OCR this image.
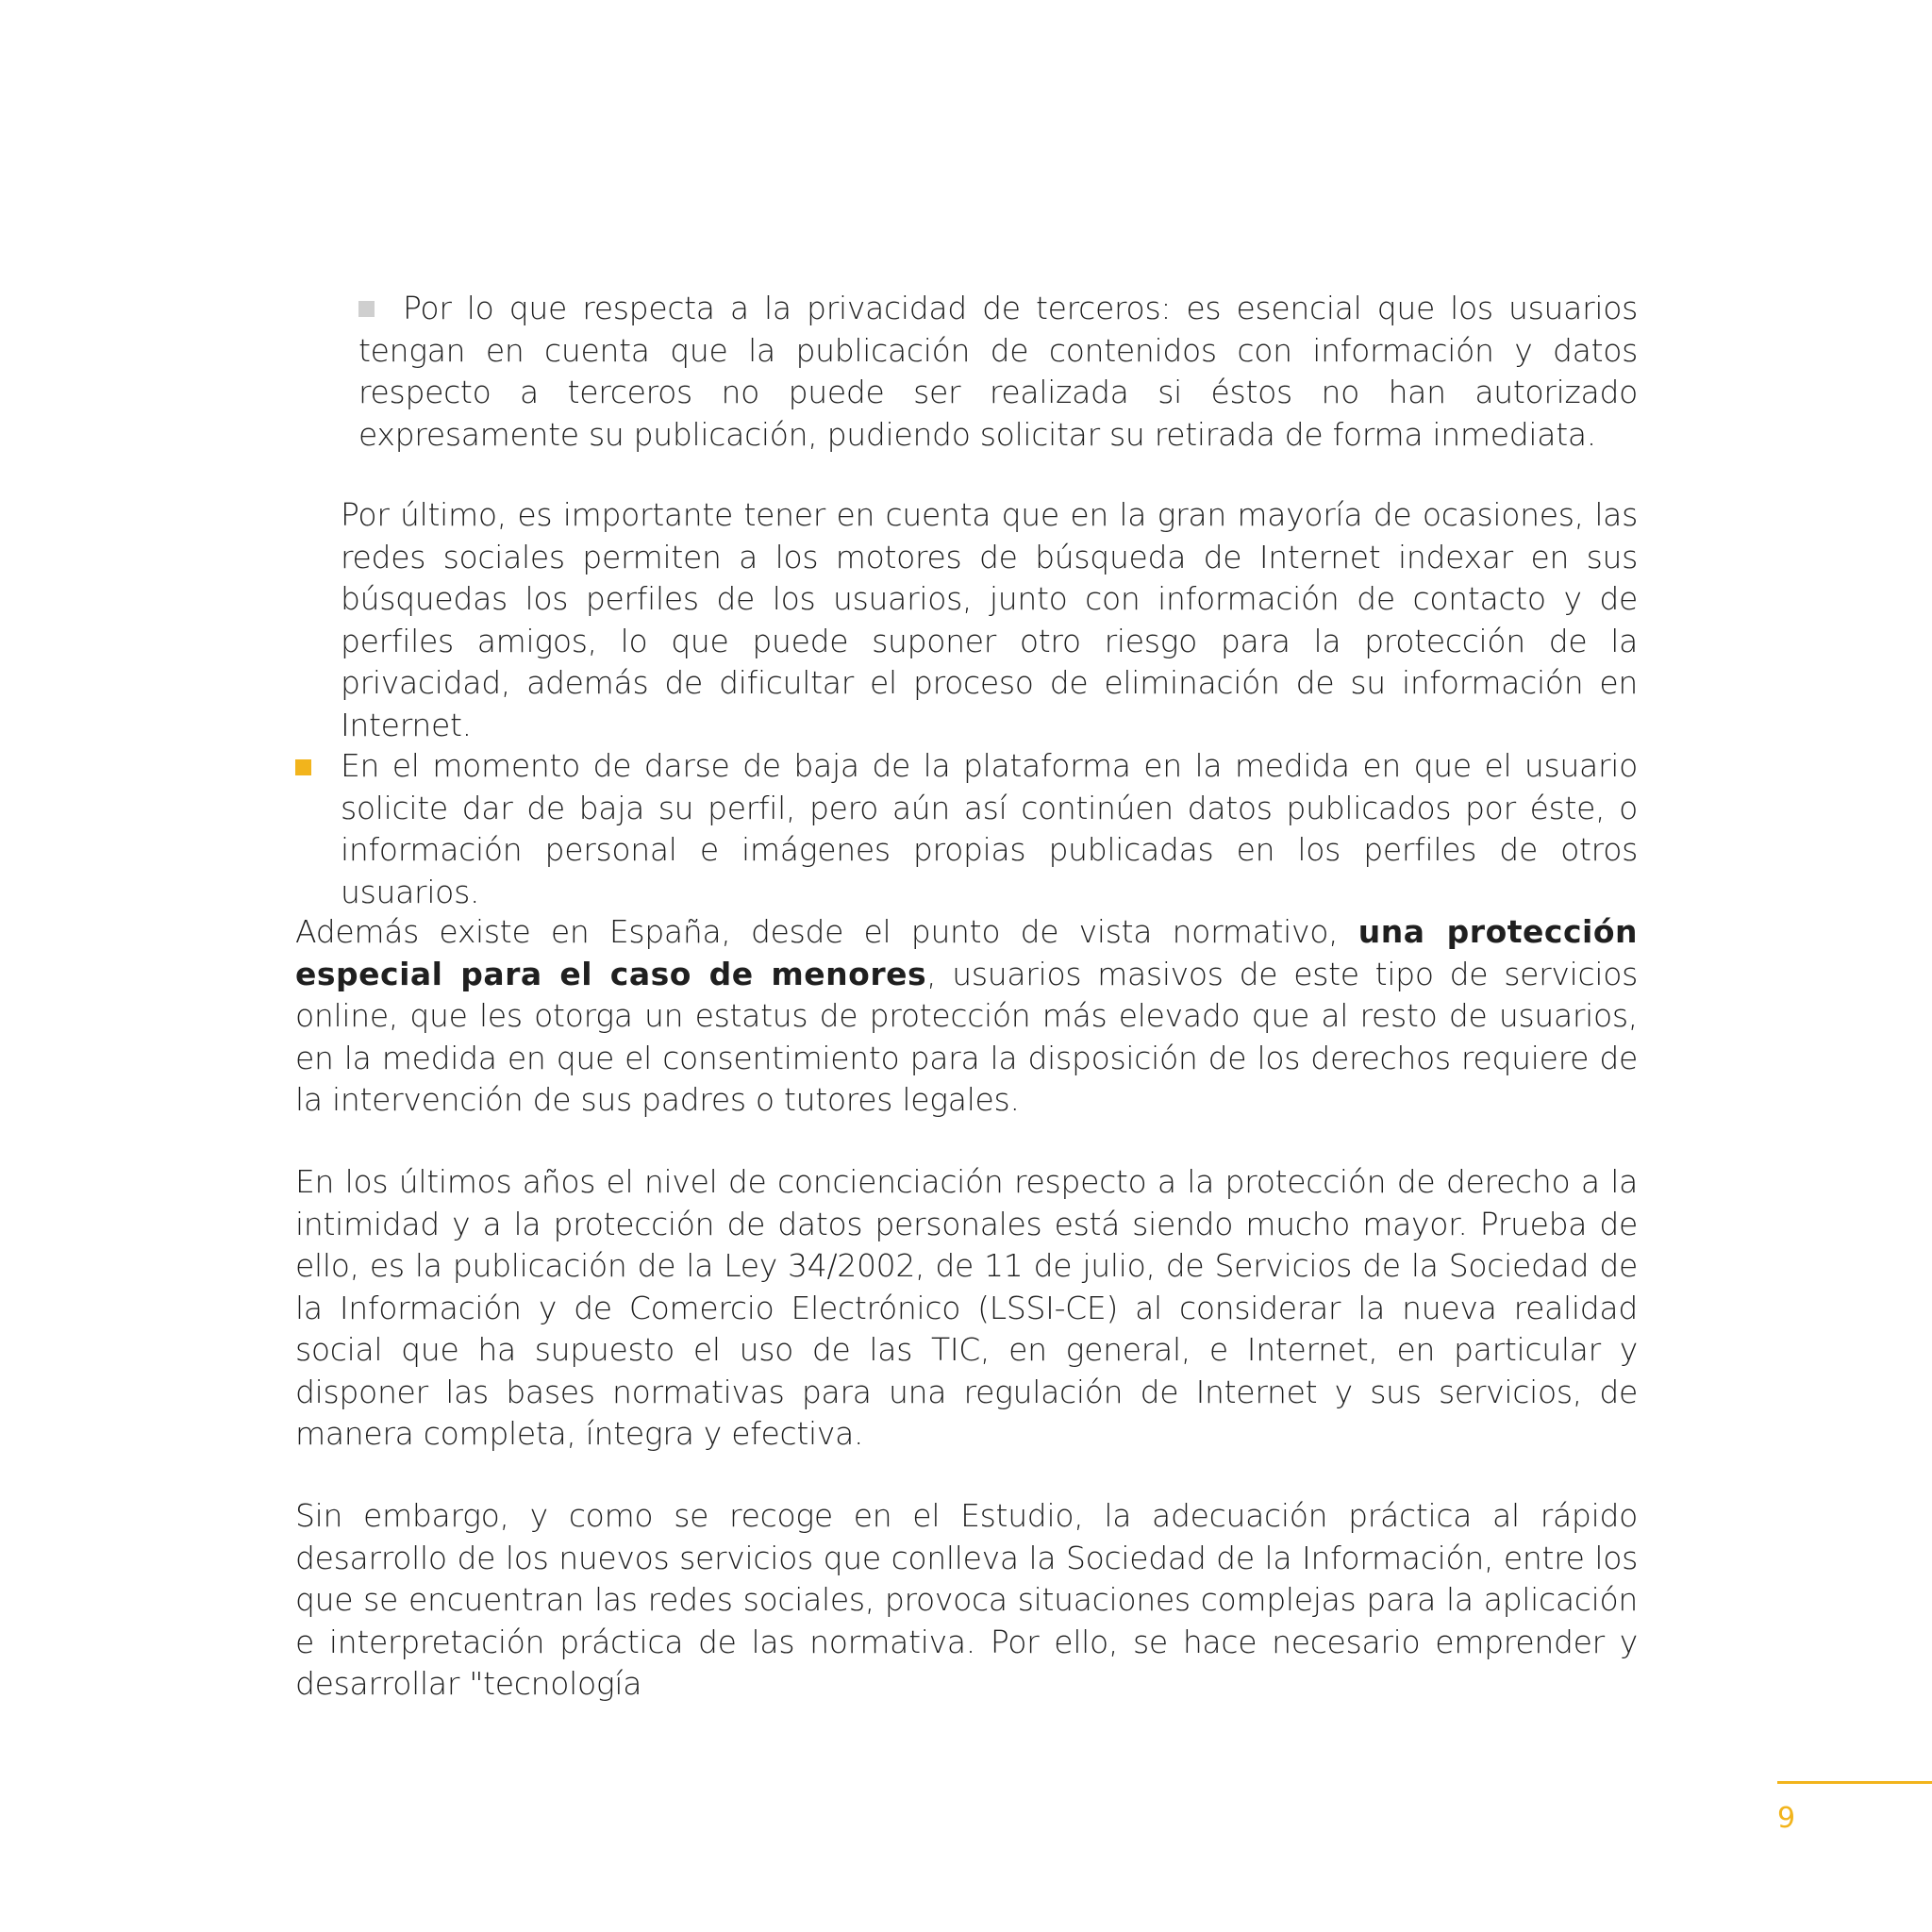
Por lo que respecta a la privacidad de terceros: es esencial que los usuarios tengan en cuenta que la publicación de contenidos con información y datos respecto a terceros no puede ser realizada si éstos no han autorizado expresamente su publicación, pudiendo solicitar su retirada de forma inmediata.

Por último, es importante tener en cuenta que en la gran mayoría de ocasiones, las redes sociales permiten a los motores de búsqueda de Internet indexar en sus búsquedas los perfiles de los usuarios, junto con información de contacto y de perfiles amigos, lo que puede suponer otro riesgo para la protección de la privacidad, además de dificultar el proceso de eliminación de su información en Internet.

En el momento de darse de baja de la plataforma en la medida en que el usuario solicite dar de baja su perfil, pero aún así continúen datos publicados por éste, o información personal e imágenes propias publicadas en los perfiles de otros usuarios.

Además existe en España, desde el punto de vista normativo, una protección especial para el caso de menores, usuarios masivos de este tipo de servicios online, que les otorga un estatus de protección más elevado que al resto de usuarios, en la medida en que el consentimiento para la disposición de los derechos requiere de la intervención de sus padres o tutores legales.

En los últimos años el nivel de concienciación respecto a la protección de derecho a la intimidad y a la protección de datos personales está siendo mucho mayor. Prueba de ello, es la publicación de la Ley 34/2002, de 11 de julio, de Servicios de la Sociedad de la Información y de Comercio Electrónico (LSSI-CE) al considerar la nueva realidad social que ha supuesto el uso de las TIC, en general, e Internet, en particular y disponer las bases normativas para una regulación de Internet y sus servicios, de manera completa, íntegra y efectiva.

Sin embargo, y como se recoge en el Estudio, la adecuación práctica al rápido desarrollo de los nuevos servicios que conlleva la Sociedad de la Información, entre los que se encuentran las redes sociales, provoca situaciones complejas para la aplicación e interpretación práctica de las normativa. Por ello, se hace necesario emprender y desarrollar "tecnología

9
